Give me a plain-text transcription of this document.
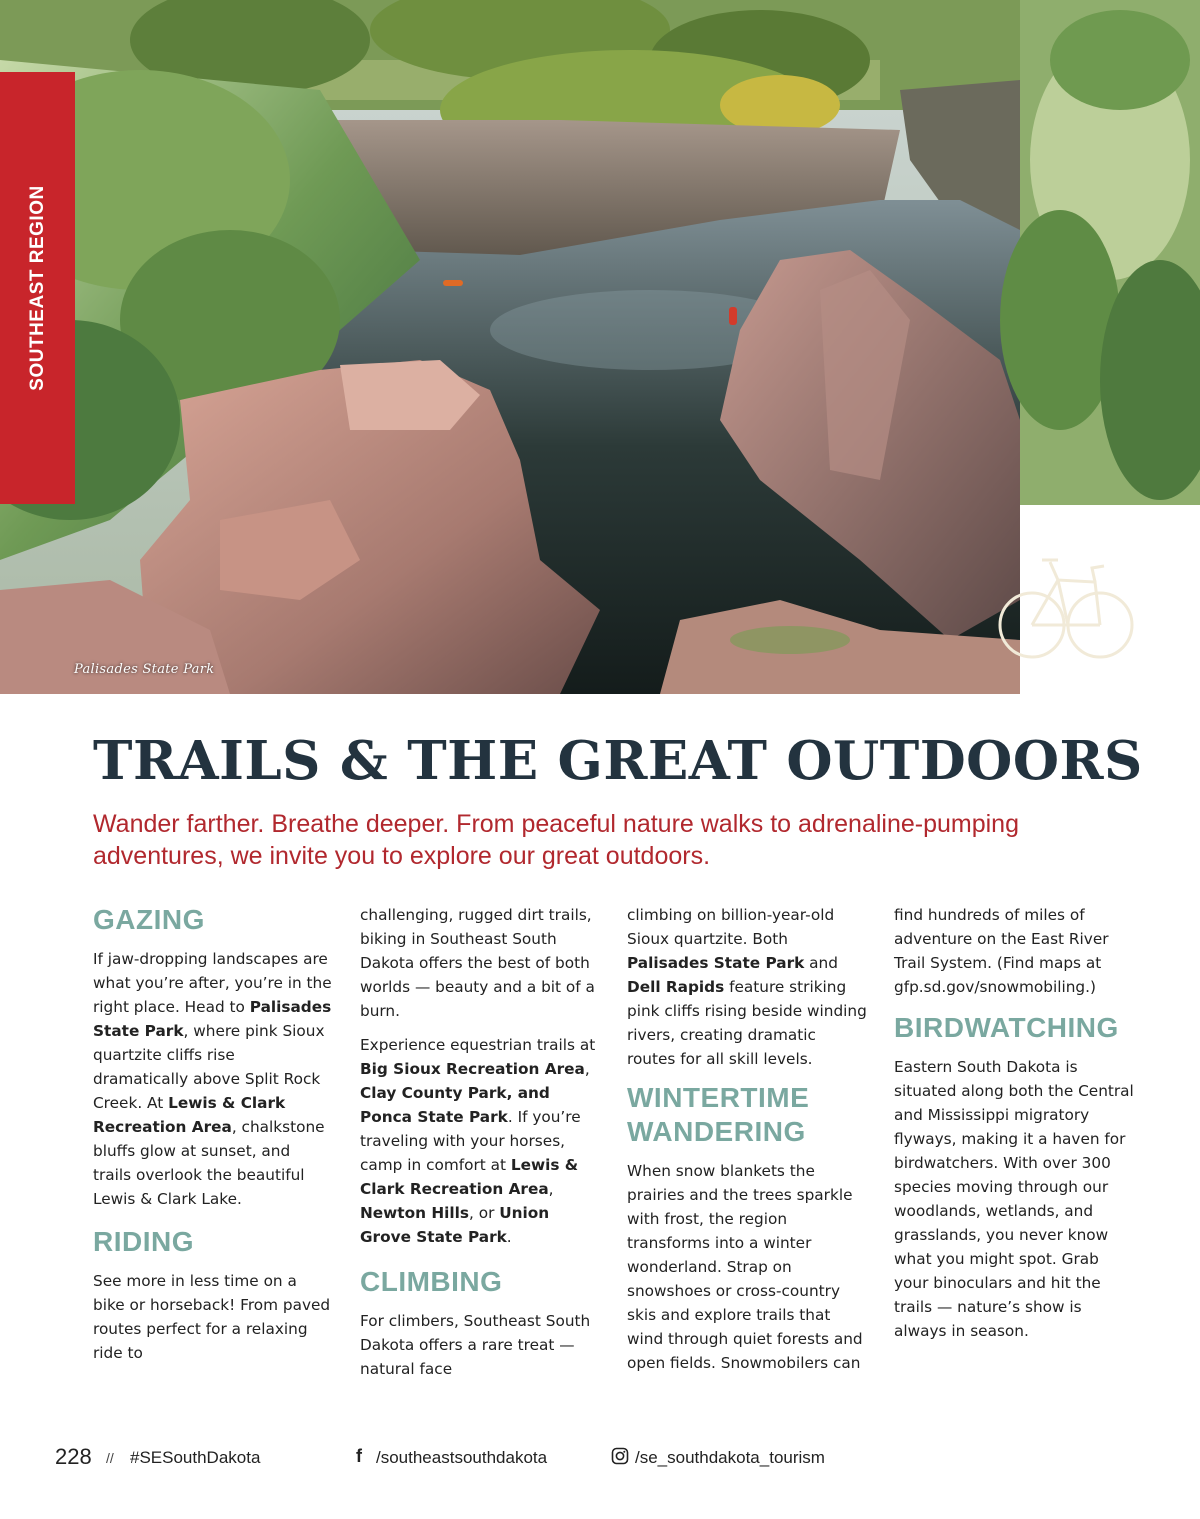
SOUTHEAST REGION
Palisades State Park
TRAILS & THE GREAT OUTDOORS

Wander farther. Breathe deeper. From peaceful nature walks to adrenaline-pumping adventures, we invite you to explore our great outdoors.

GAZING

If jaw-dropping landscapes are what you’re after, you’re in the right place. Head to Palisades State Park, where pink Sioux quartzite cliffs rise dramatically above Split Rock Creek. At Lewis & Clark Recreation Area, chalkstone bluffs glow at sunset, and trails overlook the beautiful Lewis & Clark Lake.

RIDING

See more in less time on a bike or horseback! From paved routes perfect for a relaxing ride to

challenging, rugged dirt trails, biking in Southeast South Dakota offers the best of both worlds — beauty and a bit of a burn.

Experience equestrian trails at Big Sioux Recreation Area, Clay County Park, and Ponca State Park. If you’re traveling with your horses, camp in comfort at Lewis & Clark Recreation Area, Newton Hills, or Union Grove State Park.

CLIMBING

For climbers, Southeast South Dakota offers a rare treat — natural face

climbing on billion-year-old Sioux quartzite. Both Palisades State Park and Dell Rapids feature striking pink cliffs rising beside winding rivers, creating dramatic routes for all skill levels.

WINTERTIME
WANDERING

When snow blankets the prairies and the trees sparkle with frost, the region transforms into a winter wonderland. Strap on snowshoes or cross-country skis and explore trails that wind through quiet forests and open fields. Snowmobilers can

find hundreds of miles of adventure on the East River Trail System. (Find maps at gfp.sd.gov/snowmobiling.)

BIRDWATCHING

Eastern South Dakota is situated along both the Central and Mississippi migratory flyways, making it a haven for birdwatchers. With over 300 species moving through our woodlands, wetlands, and grasslands, you never know what you might spot. Grab your binoculars and hit the trails — nature’s show is always in season.

228 // #SESouthDakota	f /southeastsouthdakota	/se_southdakota_tourism
